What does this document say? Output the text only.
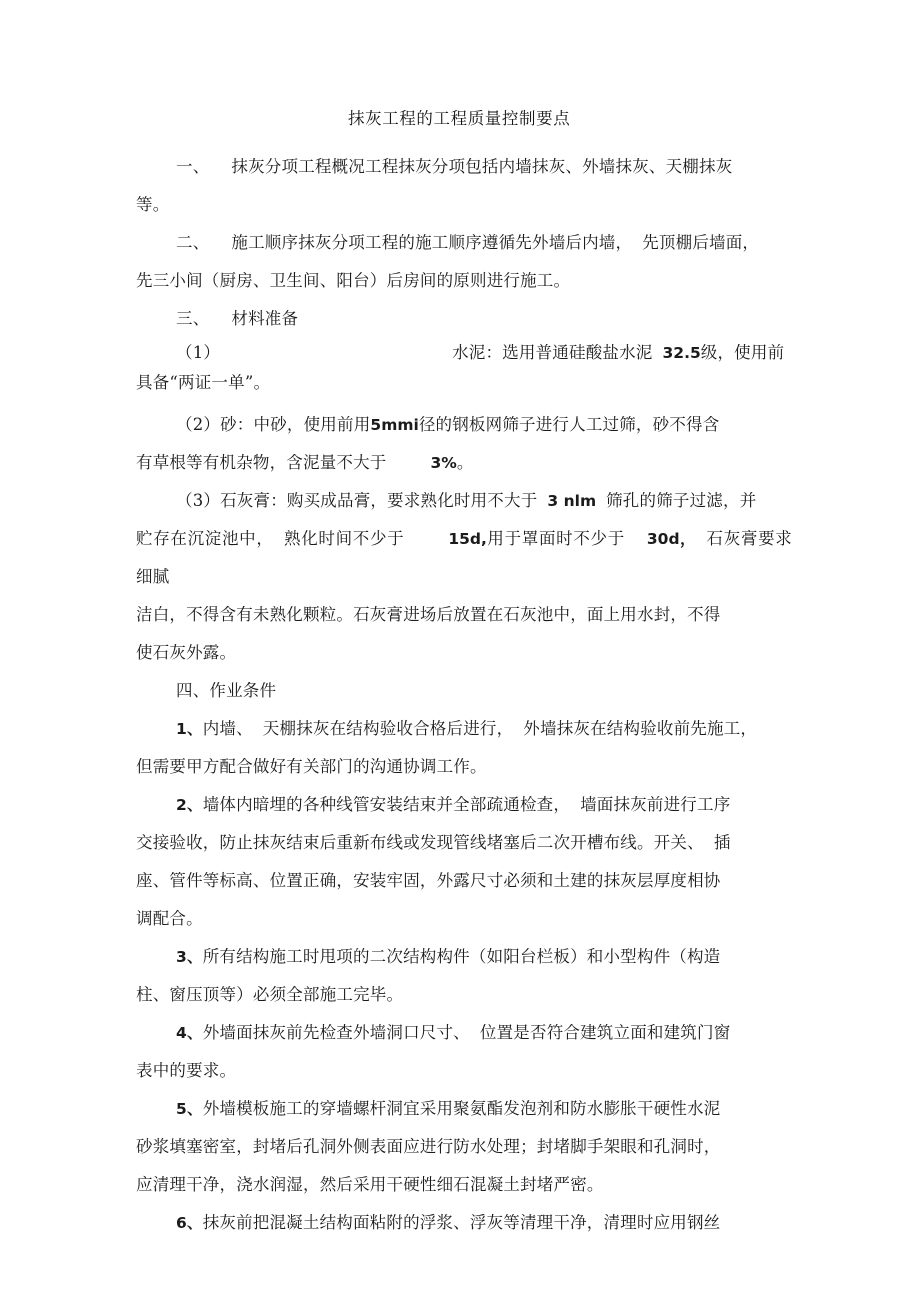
抹灰工程的工程质量控制要点

一、 抹灰分项工程概况工程抹灰分项包括内墙抹灰、外墙抹灰、天棚抹灰

等。

二、 施工顺序抹灰分项工程的施工顺序遵循先外墙后内墙， 先顶棚后墙面，

先三小间（厨房、卫生间、阳台）后房间的原则进行施工。

三、 材料准备

（1）	水泥：选用普通硅酸盐水泥 32.5级，使用前

具备“两证一单”。

（2）砂：中砂，使用前用5mmi径的钢板网筛子进行人工过筛，砂不得含

有草根等有机杂物，含泥量不大于	3%。

（3）石灰膏：购买成品膏，要求熟化时用不大于 3 nlm 筛孔的筛子过滤，并

贮存在沉淀池中， 熟化时间不少于	15d,用于罩面时不少于 30d， 石灰膏要求细腻

洁白，不得含有未熟化颗粒。石灰膏进场后放置在石灰池中，面上用水封，不得

使石灰外露。

四、作业条件

1、内墙、 天棚抹灰在结构验收合格后进行， 外墙抹灰在结构验收前先施工，

但需要甲方配合做好有关部门的沟通协调工作。

2、墙体内暗埋的各种线管安装结束并全部疏通检查， 墙面抹灰前进行工序

交接验收，防止抹灰结束后重新布线或发现管线堵塞后二次开槽布线。开关、 插

座、管件等标高、位置正确，安装牢固，外露尺寸必须和土建的抹灰层厚度相协

调配合。

3、所有结构施工时甩项的二次结构构件（如阳台栏板）和小型构件（构造

柱、窗压顶等）必须全部施工完毕。

4、外墙面抹灰前先检查外墙洞口尺寸、 位置是否符合建筑立面和建筑门窗

表中的要求。

5、外墙模板施工的穿墙螺杆洞宜采用聚氨酯发泡剂和防水膨胀干硬性水泥

砂浆填塞密室，封堵后孔洞外侧表面应进行防水处理；封堵脚手架眼和孔洞时，

应清理干净，浇水润湿，然后采用干硬性细石混凝土封堵严密。

6、抹灰前把混凝土结构面粘附的浮浆、浮灰等清理干净，清理时应用钢丝
